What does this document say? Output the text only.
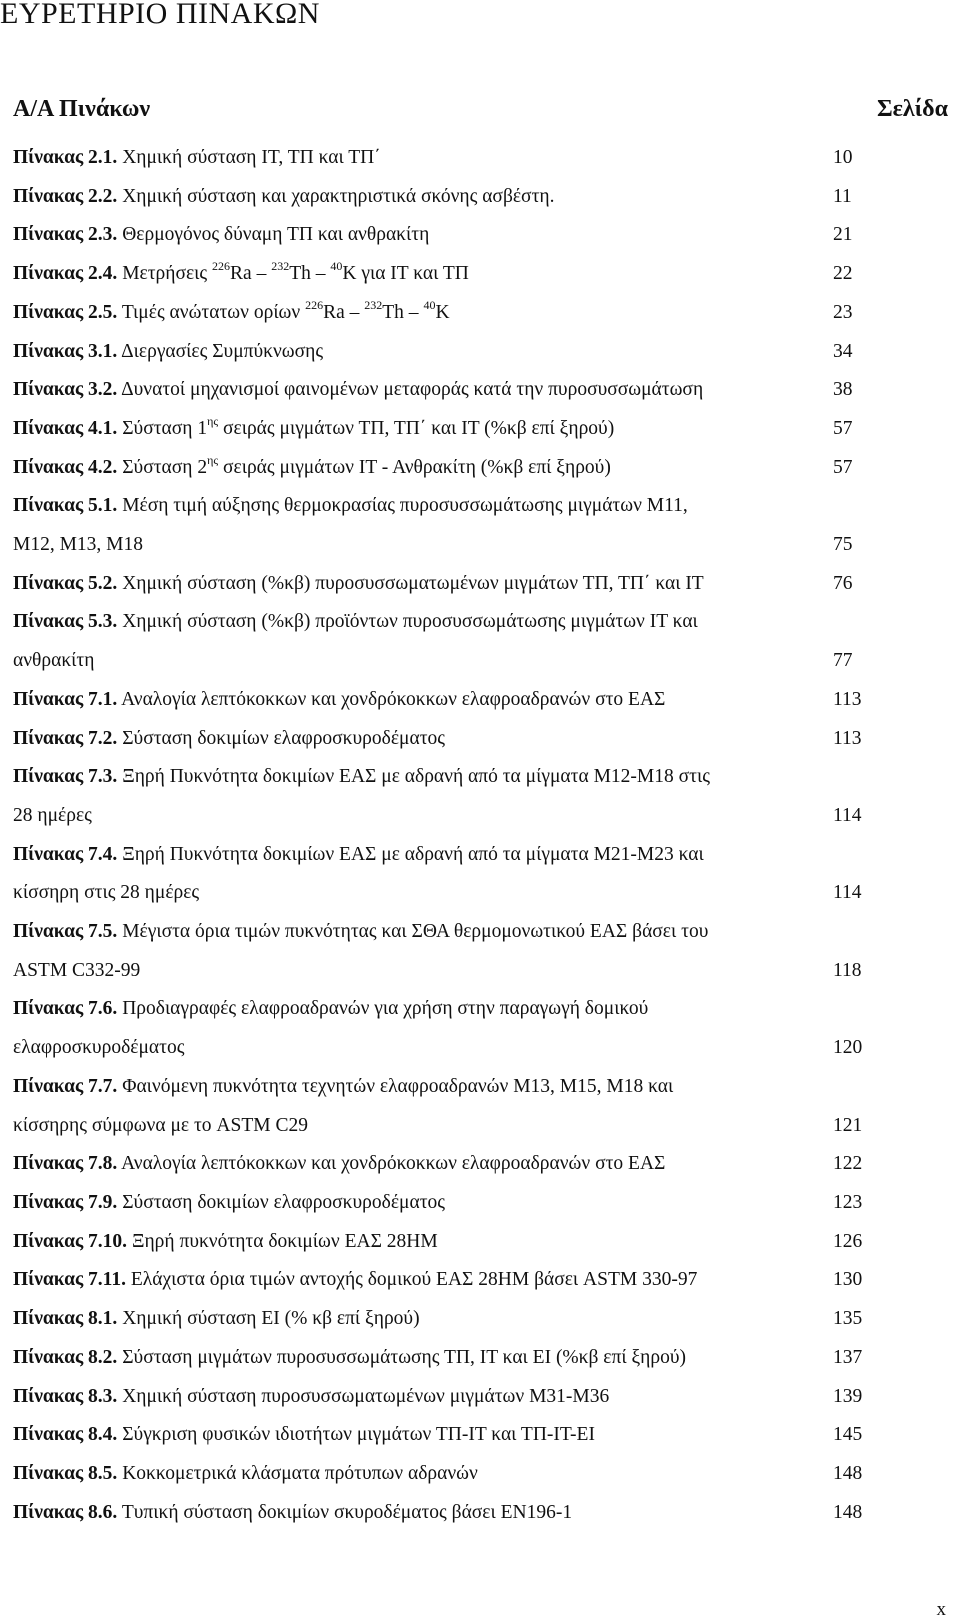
ΕΥΡΕΤΗΡΙΟ ΠΙΝΑΚΩΝ
Α/Α Πινάκων	Σελίδα
Πίνακας 2.1. Χημική σύσταση ΙΤ, ΤΠ και ΤΠ΄	10
Πίνακας 2.2. Χημική σύσταση και χαρακτηριστικά σκόνης ασβέστη.	11
Πίνακας 2.3. Θερμογόνος δύναμη ΤΠ και ανθρακίτη	21
Πίνακας 2.4. Μετρήσεις $^{226}$Ra – $^{232}$Th – $^{40}$K για ΙΤ και ΤΠ	22
Πίνακας 2.5. Τιμές ανώτατων ορίων $^{226}$Ra – $^{232}$Th – $^{40}$K	23
Πίνακας 3.1. Διεργασίες Συμπύκνωσης	34
Πίνακας 3.2. Δυνατοί μηχανισμοί φαινομένων μεταφοράς κατά την πυροσυσσωμάτωση	38
Πίνακας 4.1. Σύσταση $1^{\eta\varsigma}$ σειράς μιγμάτων ΤΠ, ΤΠ΄ και ΙΤ (%κβ επί ξηρού)	57
Πίνακας 4.2. Σύσταση $2^{\eta\varsigma}$ σειράς μιγμάτων ΙΤ - Ανθρακίτη (%κβ επί ξηρού)	57
Πίνακας 5.1. Μέση τιμή αύξησης θερμοκρασίας πυροσυσσωμάτωσης μιγμάτων Μ11,
Μ12, Μ13, Μ18	75
Πίνακας 5.2. Χημική σύσταση (%κβ) πυροσυσσωματωμένων μιγμάτων ΤΠ, ΤΠ΄ και ΙΤ	76
Πίνακας 5.3. Χημική σύσταση (%κβ) προϊόντων πυροσυσσωμάτωσης μιγμάτων ΙΤ και
ανθρακίτη	77
Πίνακας 7.1. Αναλογία λεπτόκοκκων και χονδρόκοκκων ελαφροαδρανών στο ΕΑΣ	113
Πίνακας 7.2. Σύσταση δοκιμίων ελαφροσκυροδέματος	113
Πίνακας 7.3. Ξηρή Πυκνότητα δοκιμίων ΕΑΣ με αδρανή από τα μίγματα Μ12-Μ18 στις
28 ημέρες	114
Πίνακας 7.4. Ξηρή Πυκνότητα δοκιμίων ΕΑΣ με αδρανή από τα μίγματα Μ21-Μ23 και
κίσσηρη στις 28 ημέρες	114
Πίνακας 7.5. Μέγιστα όρια τιμών πυκνότητας και ΣΘΑ θερμομονωτικού ΕΑΣ βάσει του
ASTM C332-99	118
Πίνακας 7.6. Προδιαγραφές ελαφροαδρανών για χρήση στην παραγωγή δομικού
ελαφροσκυροδέματος	120
Πίνακας 7.7. Φαινόμενη πυκνότητα τεχνητών ελαφροαδρανών Μ13, Μ15, Μ18 και
κίσσηρης σύμφωνα με το ASTM C29	121
Πίνακας 7.8. Αναλογία λεπτόκοκκων και χονδρόκοκκων ελαφροαδρανών στο ΕΑΣ	122
Πίνακας 7.9. Σύσταση δοκιμίων ελαφροσκυροδέματος	123
Πίνακας 7.10. Ξηρή πυκνότητα δοκιμίων ΕΑΣ 28ΗΜ	126
Πίνακας 7.11. Ελάχιστα όρια τιμών αντοχής δομικού ΕΑΣ 28ΗΜ βάσει ASTM 330-97	130
Πίνακας 8.1. Χημική σύσταση ΕΙ (% κβ επί ξηρού)	135
Πίνακας 8.2. Σύσταση μιγμάτων πυροσυσσωμάτωσης ΤΠ, ΙΤ και ΕΙ (%κβ επί ξηρού)	137
Πίνακας 8.3. Χημική σύσταση πυροσυσσωματωμένων μιγμάτων Μ31-Μ36	139
Πίνακας 8.4. Σύγκριση φυσικών ιδιοτήτων μιγμάτων ΤΠ-ΙΤ και ΤΠ-ΙΤ-ΕΙ	145
Πίνακας 8.5. Κοκκομετρικά κλάσματα πρότυπων αδρανών	148
Πίνακας 8.6. Τυπική σύσταση δοκιμίων σκυροδέματος βάσει ΕΝ196-1	148
x
